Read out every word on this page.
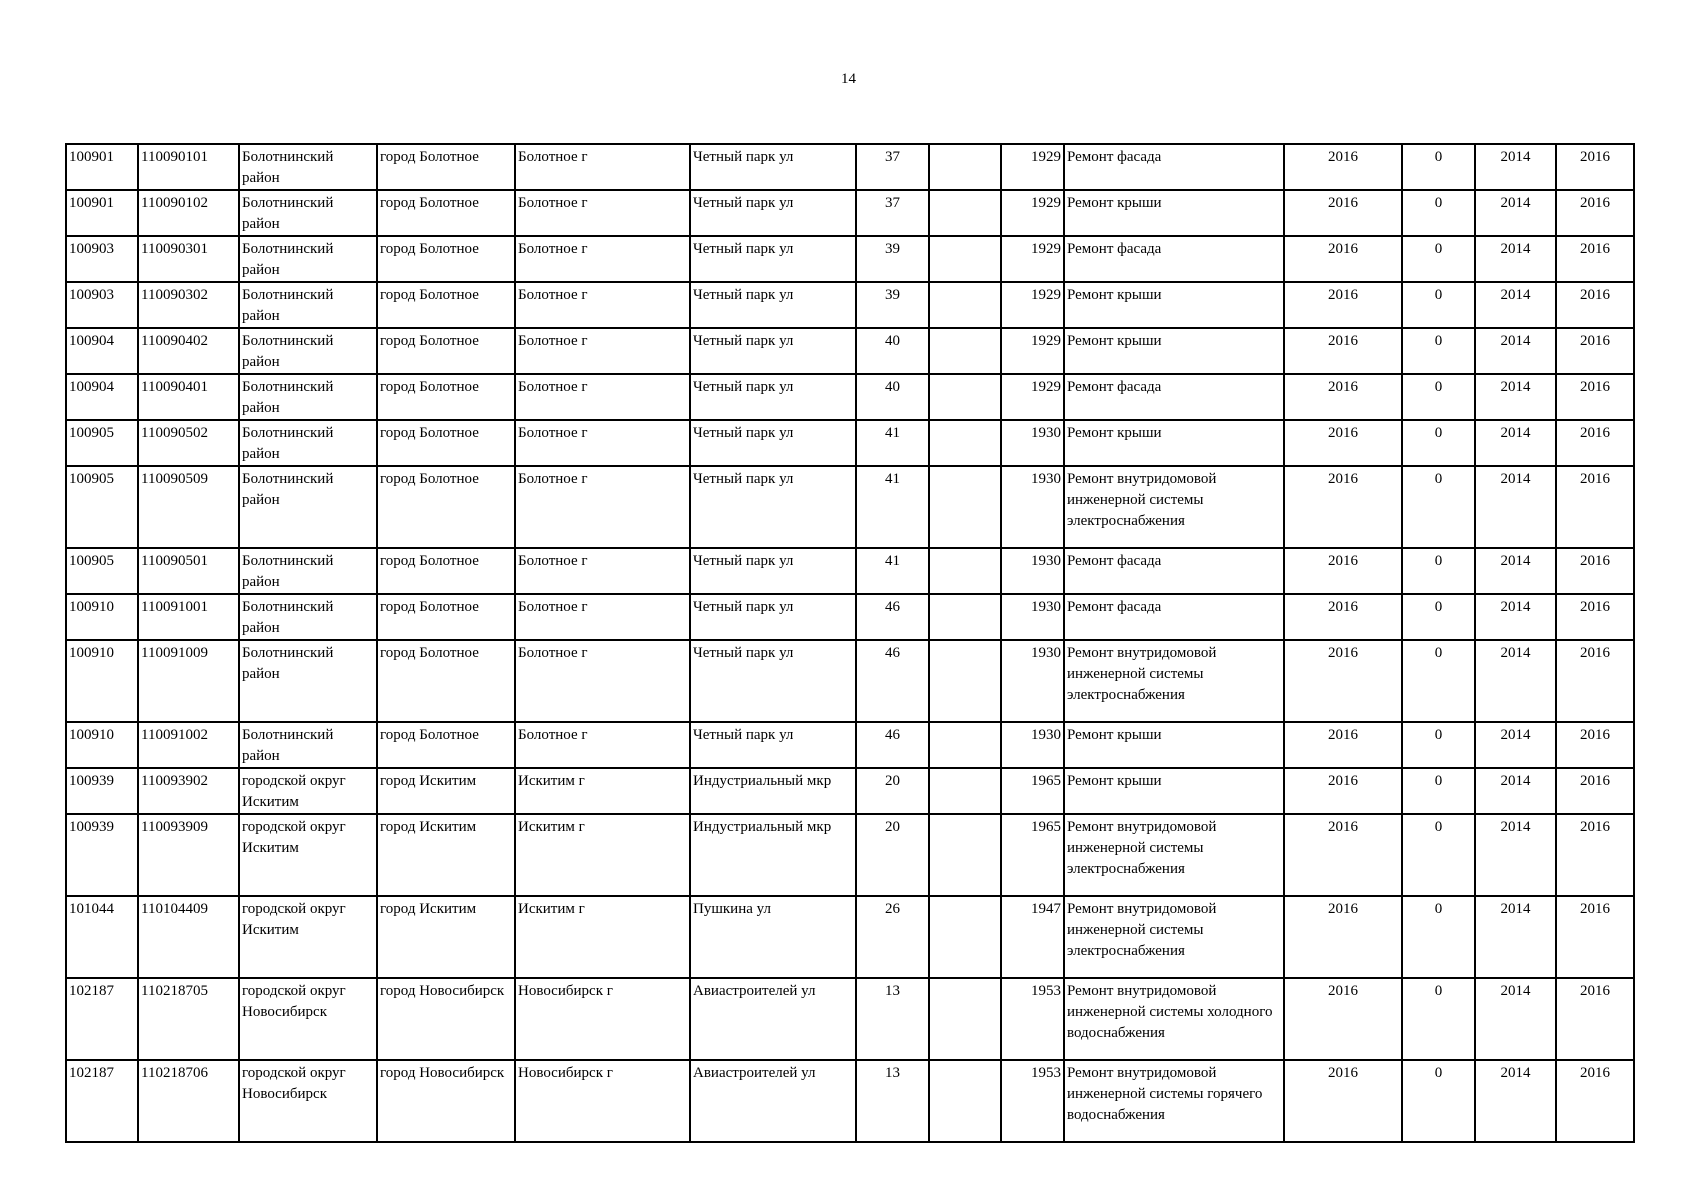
14
100901	110090101	Болотнинский район	город Болотное	Болотное г	Четный парк ул	37		1929	Ремонт фасада	2016	0	2014	2016
100901	110090102	Болотнинский район	город Болотное	Болотное г	Четный парк ул	37		1929	Ремонт крыши	2016	0	2014	2016
100903	110090301	Болотнинский район	город Болотное	Болотное г	Четный парк ул	39		1929	Ремонт фасада	2016	0	2014	2016
100903	110090302	Болотнинский район	город Болотное	Болотное г	Четный парк ул	39		1929	Ремонт крыши	2016	0	2014	2016
100904	110090402	Болотнинский район	город Болотное	Болотное г	Четный парк ул	40		1929	Ремонт крыши	2016	0	2014	2016
100904	110090401	Болотнинский район	город Болотное	Болотное г	Четный парк ул	40		1929	Ремонт фасада	2016	0	2014	2016
100905	110090502	Болотнинский район	город Болотное	Болотное г	Четный парк ул	41		1930	Ремонт крыши	2016	0	2014	2016
100905	110090509	Болотнинский район	город Болотное	Болотное г	Четный парк ул	41		1930	Ремонт внутридомовой инженерной системы электроснабжения	2016	0	2014	2016
100905	110090501	Болотнинский район	город Болотное	Болотное г	Четный парк ул	41		1930	Ремонт фасада	2016	0	2014	2016
100910	110091001	Болотнинский район	город Болотное	Болотное г	Четный парк ул	46		1930	Ремонт фасада	2016	0	2014	2016
100910	110091009	Болотнинский район	город Болотное	Болотное г	Четный парк ул	46		1930	Ремонт внутридомовой инженерной системы электроснабжения	2016	0	2014	2016
100910	110091002	Болотнинский район	город Болотное	Болотное г	Четный парк ул	46		1930	Ремонт крыши	2016	0	2014	2016
100939	110093902	городской округ Искитим	город Искитим	Искитим г	Индустриальный мкр	20		1965	Ремонт крыши	2016	0	2014	2016
100939	110093909	городской округ Искитим	город Искитим	Искитим г	Индустриальный мкр	20		1965	Ремонт внутридомовой инженерной системы электроснабжения	2016	0	2014	2016
101044	110104409	городской округ Искитим	город Искитим	Искитим г	Пушкина ул	26		1947	Ремонт внутридомовой инженерной системы электроснабжения	2016	0	2014	2016
102187	110218705	городской округ Новосибирск	город Новосибирск	Новосибирск г	Авиастроителей ул	13		1953	Ремонт внутридомовой инженерной системы холодного водоснабжения	2016	0	2014	2016
102187	110218706	городской округ Новосибирск	город Новосибирск	Новосибирск г	Авиастроителей ул	13		1953	Ремонт внутридомовой инженерной системы горячего водоснабжения	2016	0	2014	2016
